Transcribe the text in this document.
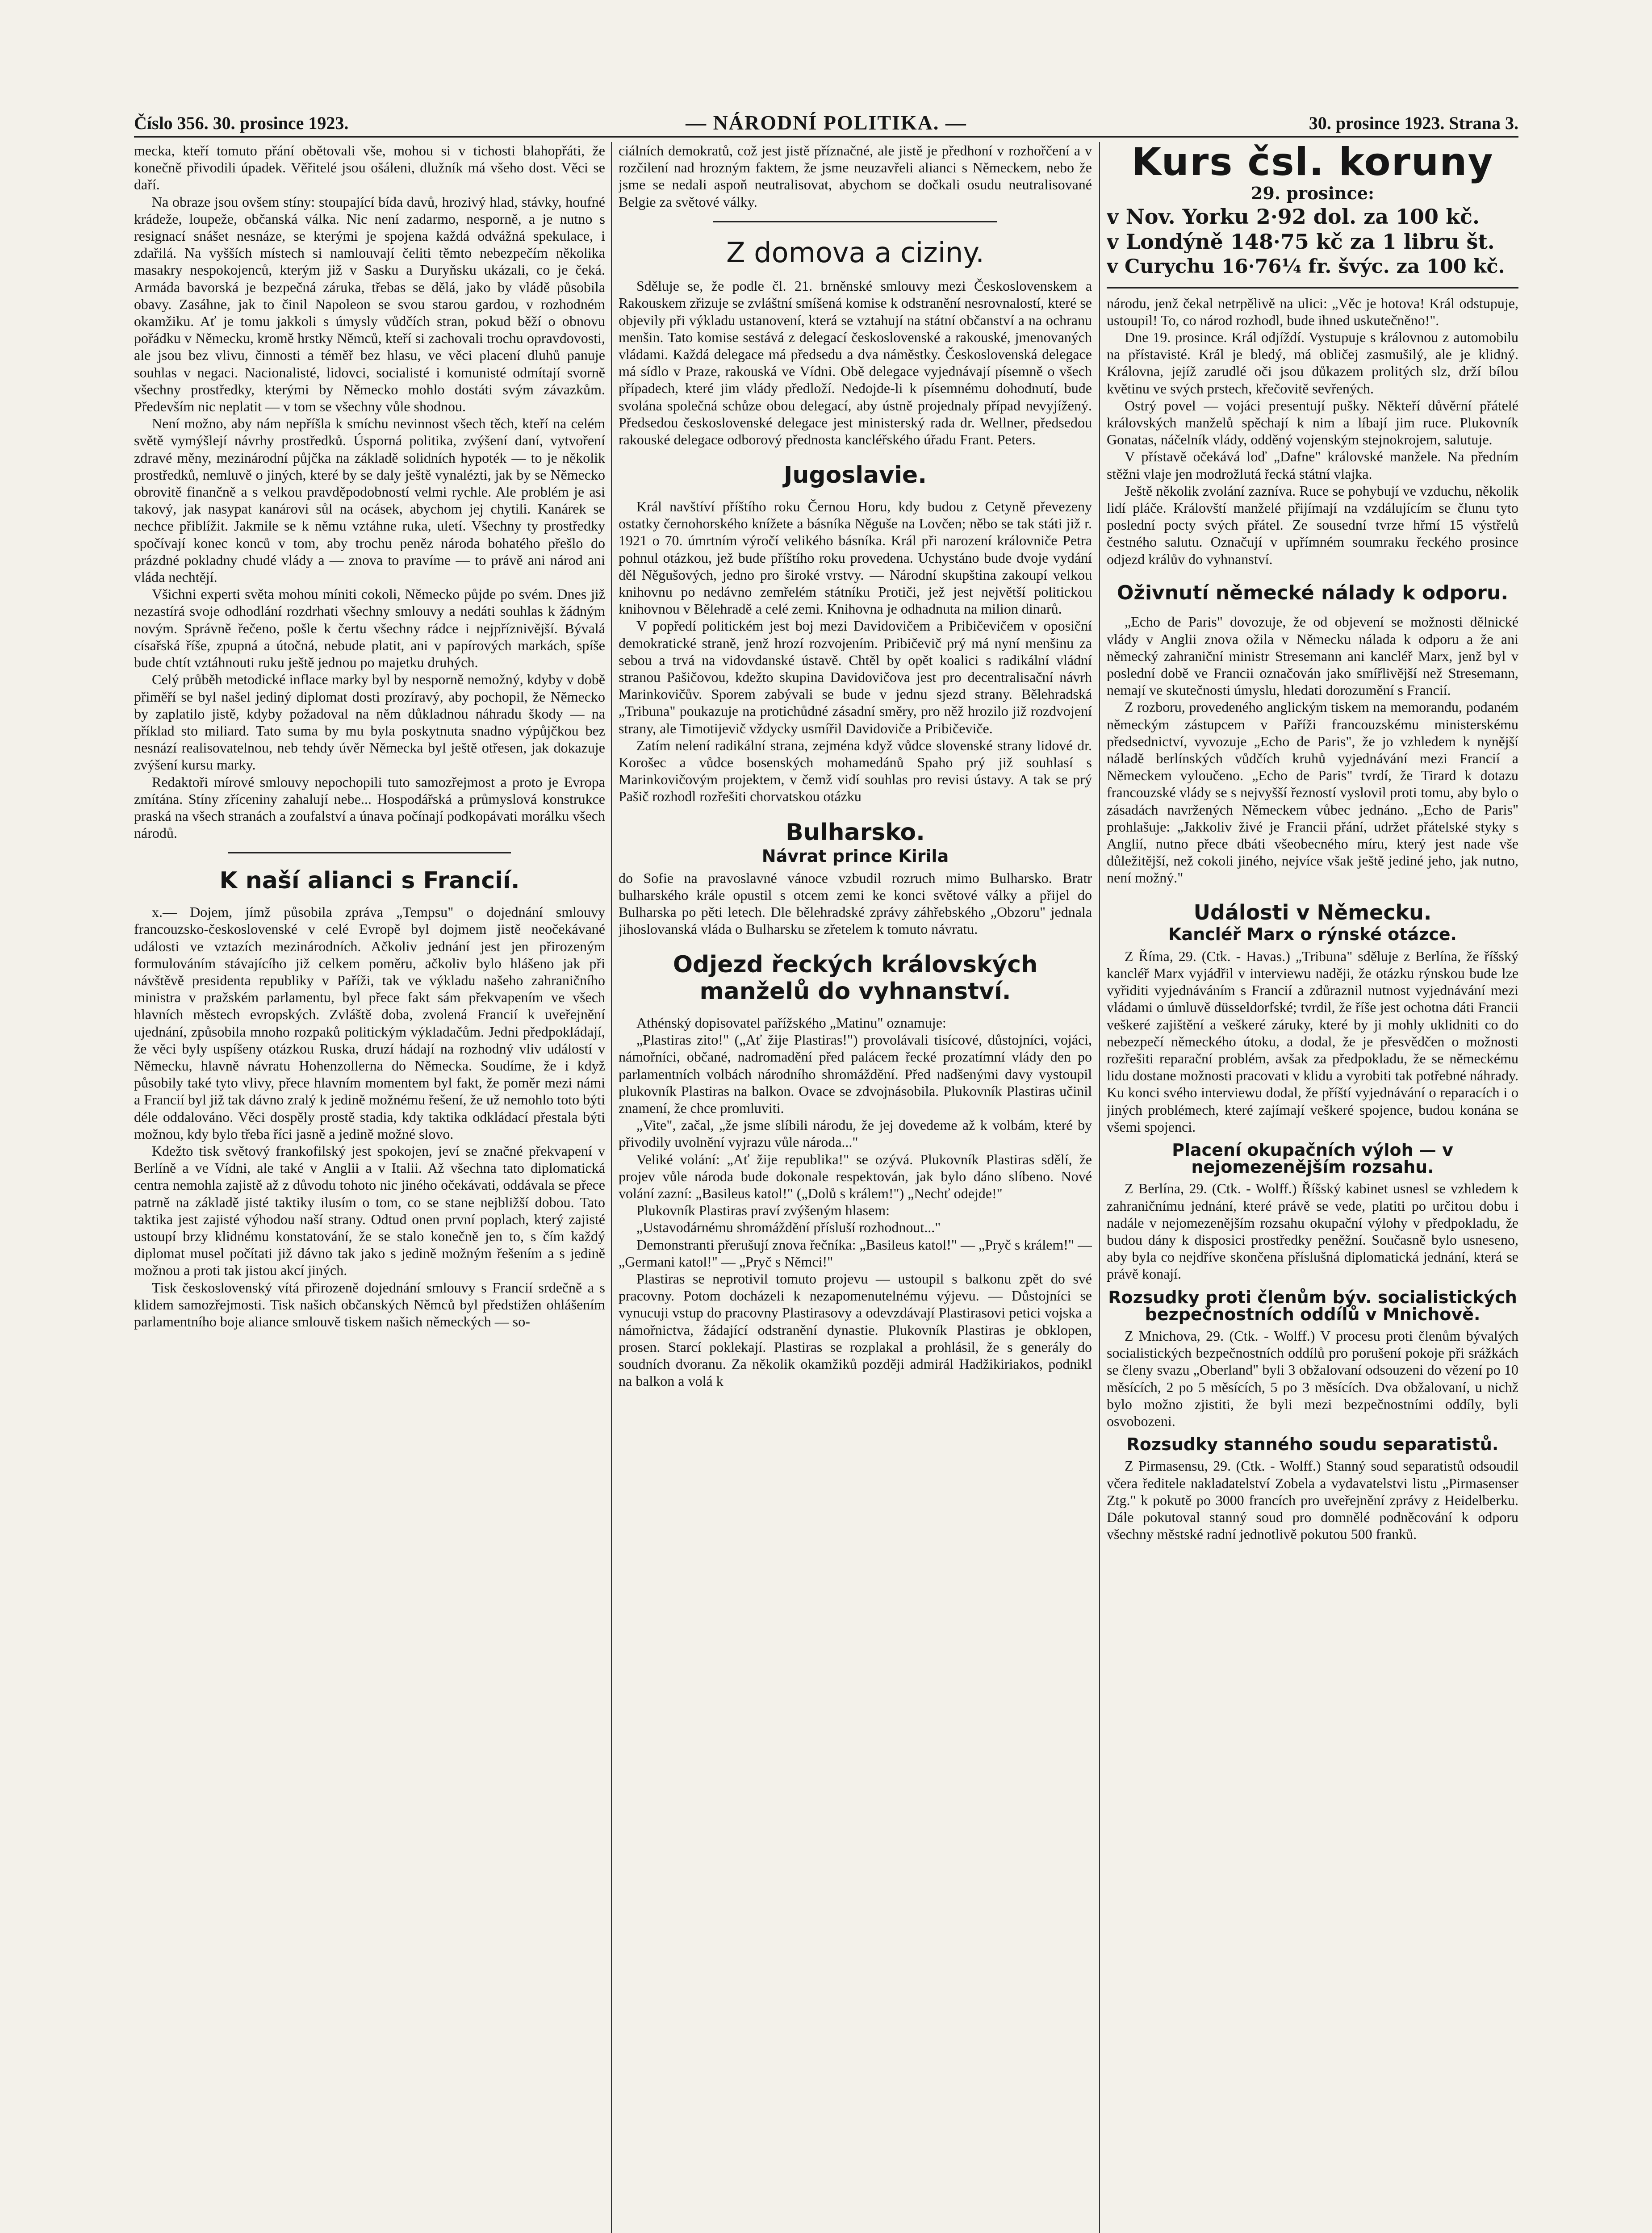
Číslo 356. 30. prosince 1923.	— NÁRODNÍ POLITIKA. —	30. prosince 1923. Strana 3.

mecka, kteří tomuto přání obětovali vše, mohou si v tichosti blahopřáti, že konečně přivodili úpadek. Věřitelé jsou ošáleni, dlužník má všeho dost. Věci se daří.

Na obraze jsou ovšem stíny: stoupající bída davů, hrozivý hlad, stávky, houfné krádeže, loupeže, občanská válka. Nic není zadarmo, nesporně, a je nutno s resignací snášet nesnáze, se kterými je spojena každá odvážná spekulace, i zdařilá. Na vyšších místech si namlouvají čeliti těmto nebezpečím několika masakry nespokojenců, kterým již v Sasku a Duryňsku ukázali, co je čeká. Armáda bavorská je bezpečná záruka, třebas se dělá, jako by vládě působila obavy. Zasáhne, jak to činil Napoleon se svou starou gardou, v rozhodném okamžiku. Ať je tomu jakkoli s úmysly vůdčích stran, pokud běží o obnovu pořádku v Německu, kromě hrstky Němců, kteří si zachovali trochu opravdovosti, ale jsou bez vlivu, činnosti a téměř bez hlasu, ve věci placení dluhů panuje souhlas v negaci. Nacionalisté, lidovci, socialisté i komunisté odmítají svorně všechny prostředky, kterými by Německo mohlo dostáti svým závazkům. Především nic neplatit — v tom se všechny vůle shodnou.

Není možno, aby nám nepříšla k smíchu nevinnost všech těch, kteří na celém světě vymýšlejí návrhy prostředků. Úsporná politika, zvýšení daní, vytvoření zdravé měny, mezinárodní půjčka na základě solidních hypoték — to je několik prostředků, nemluvě o jiných, které by se daly ještě vynalézti, jak by se Německo obrovitě finančně a s velkou pravděpodobností velmi rychle. Ale problém je asi takový, jak nasypat kanárovi sůl na ocásek, abychom jej chytili. Kanárek se nechce přiblížit. Jakmile se k němu vztáhne ruka, uletí. Všechny ty prostředky spočívají konec konců v tom, aby trochu peněz národa bohatého přešlo do prázdné pokladny chudé vlády a — znova to pravíme — to právě ani národ ani vláda nechtějí.

Všichni experti světa mohou míniti cokoli, Německo půjde po svém. Dnes již nezastírá svoje odhodlání rozdrhati všechny smlouvy a nedáti souhlas k žádným novým. Správně řečeno, pošle k čertu všechny rádce i nejpříznivější. Bývalá císařská říše, zpupná a útočná, nebude platit, ani v papírových markách, spíše bude chtít vztáhnouti ruku ještě jednou po majetku druhých.

Celý průběh metodické inflace marky byl by nesporně nemožný, kdyby v době přiměří se byl našel jediný diplomat dosti prozíravý, aby pochopil, že Německo by zaplatilo jistě, kdyby požadoval na něm důkladnou náhradu škody — na příklad sto miliard. Tato suma by mu byla poskytnuta snadno výpůjčkou bez nesnází realisovatelnou, neb tehdy úvěr Německa byl ještě otřesen, jak dokazuje zvýšení kursu marky.

Redaktoři mírové smlouvy nepochopili tuto samozřejmost a proto je Evropa zmítána. Stíny zříceniny zahalují nebe... Hospodářská a průmyslová konstrukce praská na všech stranách a zoufalství a únava počínají podkopávati morálku všech národů.

K naší alianci s Francií.

x.— Dojem, jímž působila zpráva „Tempsu" o dojednání smlouvy francouzsko-československé v celé Evropě byl dojmem jistě neočekávané události ve vztazích mezinárodních. Ačkoliv jednání jest jen přirozeným formulováním stávajícího již celkem poměru, ačkoliv bylo hlášeno jak při návštěvě presidenta republiky v Paříži, tak ve výkladu našeho zahraničního ministra v pražském parlamentu, byl přece fakt sám překvapením ve všech hlavních městech evropských. Zvláště doba, zvolená Francií k uveřejnění ujednání, způsobila mnoho rozpaků politickým výkladačům. Jedni předpokládají, že věci byly uspíšeny otázkou Ruska, druzí hádají na rozhodný vliv událostí v Německu, hlavně návratu Hohenzollerna do Německa. Soudíme, že i když působily také tyto vlivy, přece hlavním momentem byl fakt, že poměr mezi námi a Francií byl již tak dávno zralý k jedině možnému řešení, že už nemohlo toto býti déle oddalováno. Věci dospěly prostě stadia, kdy taktika odkládací přestala býti možnou, kdy bylo třeba říci jasně a jedině možné slovo.

Kdežto tisk světový frankofilský jest spokojen, jeví se značné překvapení v Berlíně a ve Vídni, ale také v Anglii a v Italii. Až všechna tato diplomatická centra nemohla zajistě až z důvodu tohoto nic jiného očekávati, oddávala se přece patrně na základě jisté taktiky ilusím o tom, co se stane nejbližší dobou. Tato taktika jest zajisté výhodou naší strany. Odtud onen první poplach, který zajisté ustoupí brzy klidnému konstatování, že se stalo konečně jen to, s čím každý diplomat musel počítati již dávno tak jako s jedině možným řešením a s jedině možnou a proti tak jistou akcí jiných.

Tisk československý vítá přirozeně dojednání smlouvy s Francií srdečně a s klidem samozřejmosti. Tisk našich občanských Němců byl předstižen ohlášením parlamentního boje aliance smlouvě tiskem našich německých — so-

ciálních demokratů, což jest jistě příznačné, ale jistě je předhoní v rozhořčení a v rozčilení nad hrozným faktem, že jsme neuzavřeli alianci s Německem, nebo že jsme se nedali aspoň neutralisovat, abychom se dočkali osudu neutralisované Belgie za světové války.

Z domova a ciziny.

Sděluje se, že podle čl. 21. brněnské smlouvy mezi Československem a Rakouskem zřizuje se zvláštní smíšená komise k odstranění nesrovnalostí, které se objevily při výkladu ustanovení, která se vztahují na státní občanství a na ochranu menšin. Tato komise sestává z delegací československé a rakouské, jmenovaných vládami. Každá delegace má předsedu a dva náměstky. Československá delegace má sídlo v Praze, rakouská ve Vídni. Obě delegace vyjednávají písemně o všech případech, které jim vlády předloží. Nedojde-li k písemnému dohodnutí, bude svolána společná schůze obou delegací, aby ústně projednaly případ nevyjížený. Předsedou československé delegace jest ministerský rada dr. Wellner, předsedou rakouské delegace odborový přednosta kancléřského úřadu Frant. Peters.

Jugoslavie.

Král navštíví příštího roku Černou Horu, kdy budou z Cetyně převezeny ostatky černohorského knížete a básníka Něguše na Lovčen; něbo se tak státi již r. 1921 o 70. úmrtním výročí velikého básníka. Král při narození královniče Petra pohnul otázkou, jež bude příštího roku provedena. Uchystáno bude dvoje vydání děl Něgušových, jedno pro široké vrstvy. — Národní skupština zakoupí velkou knihovnu po nedávno zemřelém státníku Protiči, jež jest největší politickou knihovnou v Bělehradě a celé zemi. Knihovna je odhadnuta na milion dinarů.

V popředí politickém jest boj mezi Davidovičem a Pribičevičem v oposiční demokratické straně, jenž hrozí rozvojením. Pribičevič prý má nyní menšinu za sebou a trvá na vidovdanské ústavě. Chtěl by opět koalici s radikální vládní stranou Pašičovou, kdežto skupina Davidovičova jest pro decentralisační návrh Marinkovičův. Sporem zabývali se bude v jednu sjezd strany. Bělehradská „Tribuna" poukazuje na protichůdné zásadní směry, pro něž hrozilo již rozdvojení strany, ale Timotijevič vždycky usmířil Davidoviče a Pribičeviče.

Zatím nelení radikální strana, zejména když vůdce slovenské strany lidové dr. Korošec a vůdce bosenských mohamedánů Spaho prý již souhlasí s Marinkovičovým projektem, v čemž vidí souhlas pro revisi ústavy. A tak se prý Pašič rozhodl rozřešiti chorvatskou otázku

Bulharsko.
Návrat prince Kirila

do Sofie na pravoslavné vánoce vzbudil rozruch mimo Bulharsko. Bratr bulharského krále opustil s otcem zemi ke konci světové války a přijel do Bulharska po pěti letech. Dle bělehradské zprávy záhřebského „Obzoru" jednala jihoslovanská vláda o Bulharsku se zřetelem k tomuto návratu.

Odjezd řeckých královských manželů do vyhnanství.

Athénský dopisovatel pařížského „Matinu" oznamuje:

„Plastiras zito!" („Ať žije Plastiras!") provolávali tisícové, důstojníci, vojáci, námořníci, občané, nadromadění před palácem řecké prozatímní vlády den po parlamentních volbách národního shromáždění. Před nadšenými davy vystoupil plukovník Plastiras na balkon. Ovace se zdvojnásobila. Plukovník Plastiras učinil znamení, že chce promluviti.

„Vite", začal, „že jsme slíbili národu, že jej dovedeme až k volbám, které by přivodily uvolnění vyjrazu vůle národa..."

Veliké volání: „Ať žije republika!" se ozývá. Plukovník Plastiras sdělí, že projev vůle národa bude dokonale respektován, jak bylo dáno slíbeno. Nové volání zazní: „Basileus katol!" („Dolů s králem!") „Nechť odejde!"

Plukovník Plastiras praví zvýšeným hlasem:

„Ustavodárnému shromáždění přísluší rozhodnout..."

Demonstranti přerušují znova řečníka: „Basileus katol!" — „Pryč s králem!" — „Germani katol!" — „Pryč s Němci!"

Plastiras se neprotivil tomuto projevu — ustoupil s balkonu zpět do své pracovny. Potom docházeli k nezapomenutelnému výjevu. — Důstojníci se vynucuji vstup do pracovny Plastirasovy a odevzdávají Plastirasovi petici vojska a námořnictva, žádající odstranění dynastie. Plukovník Plastiras je obklopen, prosen. Starcí poklekají. Plastiras se rozplakal a prohlásil, že s generály do soudních dvoranu. Za několik okamžiků později admirál Hadžikiriakos, podnikl na balkon a volá k

Kurs čsl. koruny
29. prosince:
v Nov. Yorku 2·92 dol. za 100 kč.
v Londýně 148·75 kč za 1 libru št.
v Curychu 16·76¼ fr. švýc. za 100 kč.

národu, jenž čekal netrpělivě na ulici: „Věc je hotova! Král odstupuje, ustoupil! To, co národ rozhodl, bude ihned uskutečněno!".

Dne 19. prosince. Král odjíždí. Vystupuje s královnou z automobilu na přístavisté. Král je bledý, má obličej zasmušilý, ale je klidný. Královna, jejíž zarudlé oči jsou důkazem prolitých slz, drží bílou květinu ve svých prstech, křečovitě sevřených.

Ostrý povel — vojáci presentují pušky. Někteří důvěrní přátelé královských manželů spěchají k nim a líbají jim ruce. Plukovník Gonatas, náčelník vlády, odděný vojenským stejnokrojem, salutuje.

V přístavě očekává loď „Dafne" královské manžele. Na předním stěžni vlaje jen modrožlutá řecká státní vlajka.

Ještě několik zvolání zazníva. Ruce se pohybují ve vzduchu, několik lidí pláče. Královští manželé přijímají na vzdálujícím se člunu tyto poslední pocty svých přátel. Ze sousední tvrze hřmí 15 výstřelů čestného salutu. Označují v upřímném soumraku řeckého prosince odjezd králův do vyhnanství.

Oživnutí německé nálady k odporu.

„Echo de Paris" dovozuje, že od objevení se možnosti dělnické vlády v Anglii znova ožila v Německu nálada k odporu a že ani německý zahraniční ministr Stresemann ani kancléř Marx, jenž byl v poslední době ve Francii označován jako smířlivější než Stresemann, nemají ve skutečnosti úmyslu, hledati dorozumění s Francií.

Z rozboru, provedeného anglickým tiskem na memorandu, podaném německým zástupcem v Paříži francouzskému ministerskému předsednictví, vyvozuje „Echo de Paris", že jo vzhledem k nynější náladě berlínských vůdčích kruhů vyjednávání mezi Francií a Německem vyloučeno. „Echo de Paris" tvrdí, že Tirard k dotazu francouzské vlády se s nejvyšší řezností vyslovil proti tomu, aby bylo o zásadách navržených Německem vůbec jednáno. „Echo de Paris" prohlašuje: „Jakkoliv živé je Francii přání, udržet přátelské styky s Anglií, nutno přece dbáti všeobecného míru, který jest nade vše důležitější, než cokoli jiného, nejvíce však ještě jediné jeho, jak nutno, není možný."

Události v Německu.
Kancléř Marx o rýnské otázce.

Z Říma, 29. (Ctk. - Havas.) „Tribuna" sděluje z Berlína, že říšský kancléř Marx vyjádřil v interviewu naději, že otázku rýnskou bude lze vyřiditi vyjednáváním s Francií a zdůraznil nutnost vyjednávání mezi vládami o úmluvě düsseldorfské; tvrdil, že říše jest ochotna dáti Francii veškeré zajištění a veškeré záruky, které by ji mohly uklidniti co do nebezpečí německého útoku, a dodal, že je přesvědčen o možnosti rozřešiti reparační problém, avšak za předpokladu, že se německému lidu dostane možnosti pracovati v klidu a vyrobiti tak potřebné náhrady. Ku konci svého interviewu dodal, že příští vyjednávání o reparacích i o jiných problémech, které zajímají veškeré spojence, budou konána se všemi spojenci.

Placení okupačních výloh — v nejomezenějším rozsahu.

Z Berlína, 29. (Ctk. - Wolff.) Říšský kabinet usnesl se vzhledem k zahraničnímu jednání, které právě se vede, platiti po určitou dobu i nadále v nejomezenějším rozsahu okupační výlohy v předpokladu, že budou dány k disposici prostředky peněžní. Současně bylo usneseno, aby byla co nejdříve skončena příslušná diplomatická jednání, která se právě konají.

Rozsudky proti členům býv. socialistických bezpečnostních oddílů v Mnichově.

Z Mnichova, 29. (Ctk. - Wolff.) V procesu proti členům bývalých socialistických bezpečnostních oddílů pro porušení pokoje při srážkách se členy svazu „Oberland" byli 3 obžalovaní odsouzeni do vězení po 10 měsících, 2 po 5 měsících, 5 po 3 měsících. Dva obžalovaní, u nichž bylo možno zjistiti, že byli mezi bezpečnostními oddíly, byli osvobozeni.

Rozsudky stanného soudu separatistů.

Z Pirmasensu, 29. (Ctk. - Wolff.) Stanný soud separatistů odsoudil včera ředitele nakladatelství Zobela a vydavatelstvi listu „Pirmasenser Ztg." k pokutě po 3000 francích pro uveřejnění zprávy z Heidelberku. Dále pokutoval stanný soud pro domnělé podněcování k odporu všechny městské radní jednotlivě pokutou 500 franků.
